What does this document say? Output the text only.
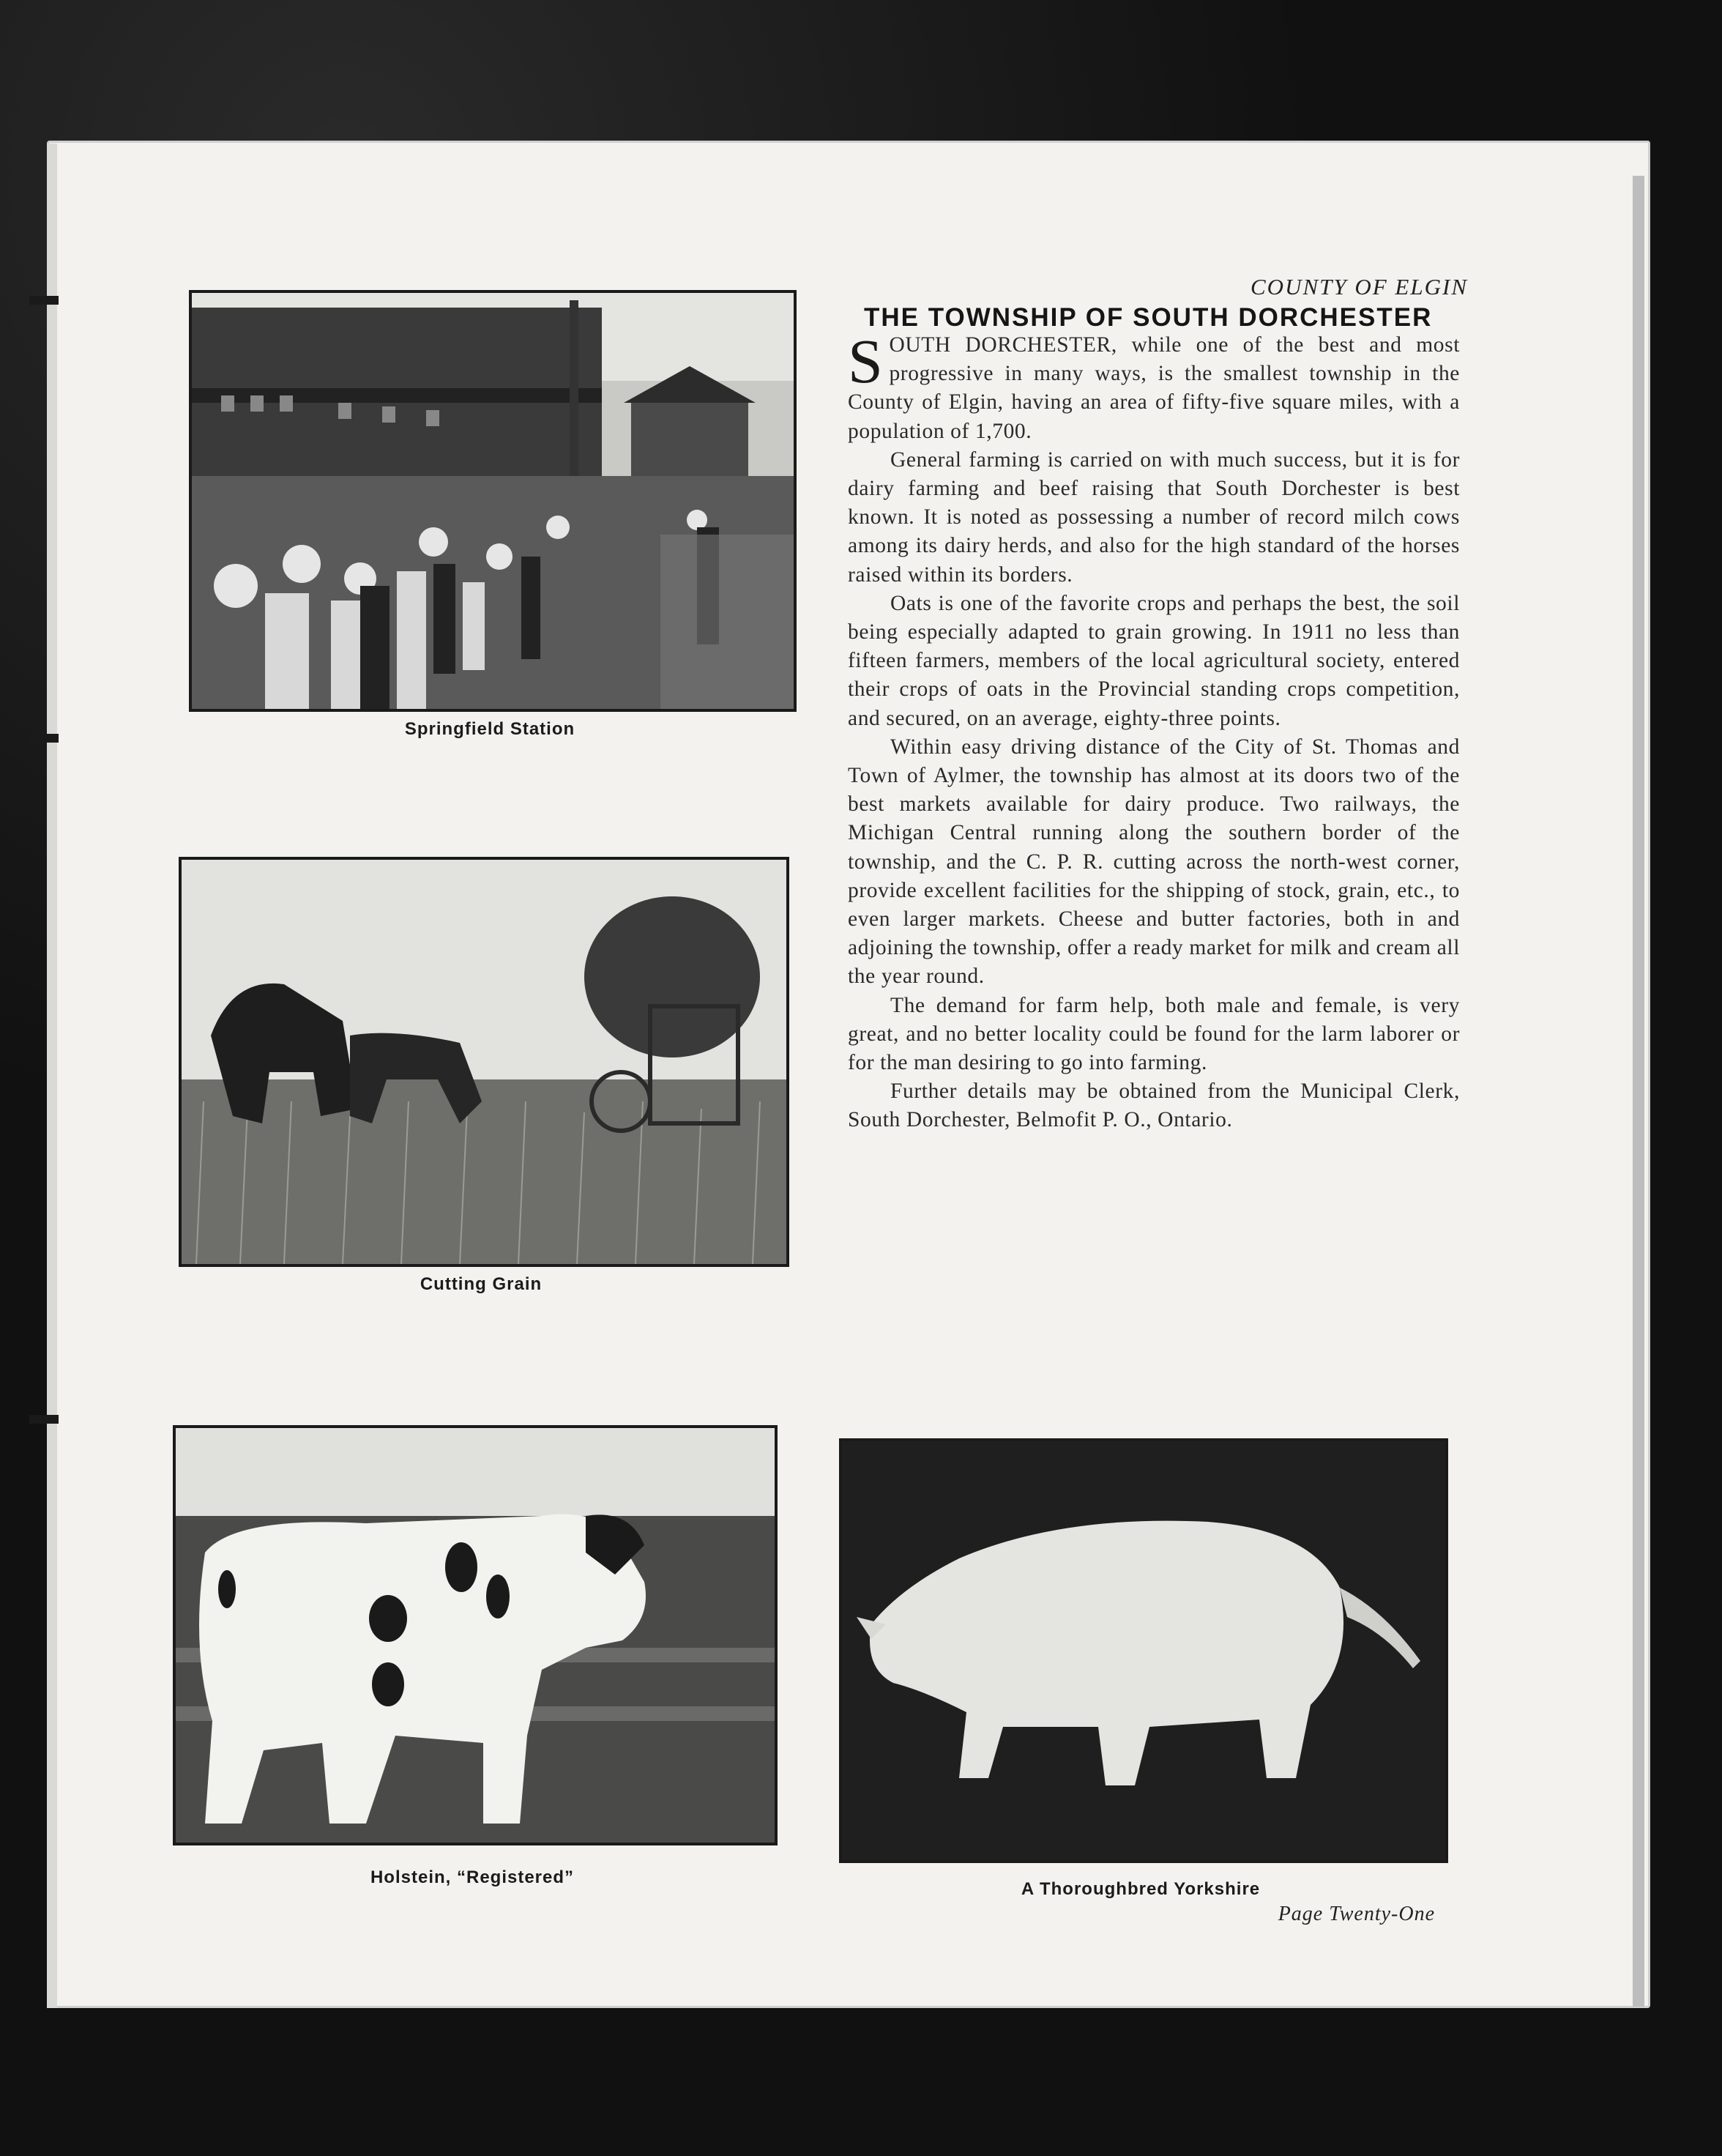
Springfield Station
Cutting Grain
Holstein, “Registered”
A Thoroughbred Yorkshire
COUNTY OF ELGIN
THE TOWNSHIP OF SOUTH DORCHESTER

SOUTH DORCHESTER, while one of the best and most progressive in many ways, is the smallest township in the County of Elgin, having an area of fifty-five square miles, with a population of 1,700.

General farming is carried on with much success, but it is for dairy farming and beef raising that South Dorchester is best known. It is noted as possessing a number of record milch cows among its dairy herds, and also for the high standard of the horses raised within its borders.

Oats is one of the favorite crops and perhaps the best, the soil being especially adapted to grain growing. In 1911 no less than fifteen farmers, members of the local agricultural society, entered their crops of oats in the Provincial standing crops competition, and secured, on an average, eighty-three points.

Within easy driving distance of the City of St. Thomas and Town of Aylmer, the township has almost at its doors two of the best markets available for dairy produce. Two railways, the Michigan Central running along the southern border of the township, and the C. P. R. cutting across the north-west corner, provide excellent facilities for the shipping of stock, grain, etc., to even larger markets. Cheese and butter factories, both in and adjoining the township, offer a ready market for milk and cream all the year round.

The demand for farm help, both male and female, is very great, and no better locality could be found for the larm laborer or for the man desiring to go into farming.

Further details may be obtained from the Municipal Clerk, South Dorchester, Belmofit P. O., Ontario.

Page Twenty-One
